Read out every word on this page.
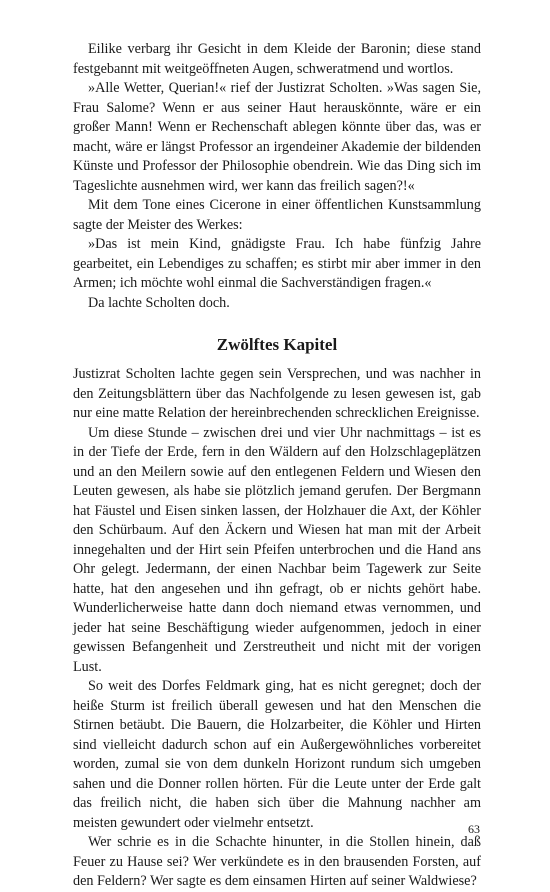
Eilike verbarg ihr Gesicht in dem Kleide der Baronin; diese stand festgebannt mit weitgeöffneten Augen, schweratmend und wortlos.

»Alle Wetter, Querian!« rief der Justizrat Scholten. »Was sagen Sie, Frau Salome? Wenn er aus seiner Haut herauskönnte, wäre er ein großer Mann! Wenn er Rechenschaft ablegen könnte über das, was er macht, wäre er längst Professor an irgendeiner Akademie der bildenden Künste und Professor der Philosophie obendrein. Wie das Ding sich im Tageslichte ausnehmen wird, wer kann das freilich sagen?!«

Mit dem Tone eines Cicerone in einer öffentlichen Kunstsammlung sagte der Meister des Werkes:

»Das ist mein Kind, gnädigste Frau. Ich habe fünfzig Jahre gearbeitet, ein Lebendiges zu schaffen; es stirbt mir aber immer in den Armen; ich möchte wohl einmal die Sachverständigen fragen.«

Da lachte Scholten doch.

Zwölftes Kapitel

Justizrat Scholten lachte gegen sein Versprechen, und was nachher in den Zeitungsblättern über das Nachfolgende zu lesen gewesen ist, gab nur eine matte Relation der hereinbrechenden schrecklichen Ereignisse.

Um diese Stunde – zwischen drei und vier Uhr nachmittags – ist es in der Tiefe der Erde, fern in den Wäldern auf den Holzschlageplätzen und an den Meilern sowie auf den entlegenen Feldern und Wiesen den Leuten gewesen, als habe sie plötzlich jemand gerufen. Der Bergmann hat Fäustel und Eisen sinken lassen, der Holzhauer die Axt, der Köhler den Schürbaum. Auf den Äckern und Wiesen hat man mit der Arbeit innegehalten und der Hirt sein Pfeifen unterbrochen und die Hand ans Ohr gelegt. Jedermann, der einen Nachbar beim Tagewerk zur Seite hatte, hat den angesehen und ihn gefragt, ob er nichts gehört habe. Wunderlicherweise hatte dann doch niemand etwas vernommen, und jeder hat seine Beschäftigung wieder aufgenommen, jedoch in einer gewissen Befangenheit und Zerstreutheit und nicht mit der vorigen Lust.

So weit des Dorfes Feldmark ging, hat es nicht geregnet; doch der heiße Sturm ist freilich überall gewesen und hat den Menschen die Stirnen betäubt. Die Bauern, die Holzarbeiter, die Köhler und Hirten sind vielleicht dadurch schon auf ein Außergewöhnliches vorbereitet worden, zumal sie von dem dunkeln Horizont rundum sich umgeben sahen und die Donner rollen hörten. Für die Leute unter der Erde galt das freilich nicht, die haben sich über die Mahnung nachher am meisten gewundert oder vielmehr entsetzt.

Wer schrie es in die Schachte hinunter, in die Stollen hinein, daß Feuer zu Hause sei? Wer verkündete es in den brausenden Forsten, auf den Feldern? Wer sagte es dem einsamen Hirten auf seiner Waldwiese?

63
